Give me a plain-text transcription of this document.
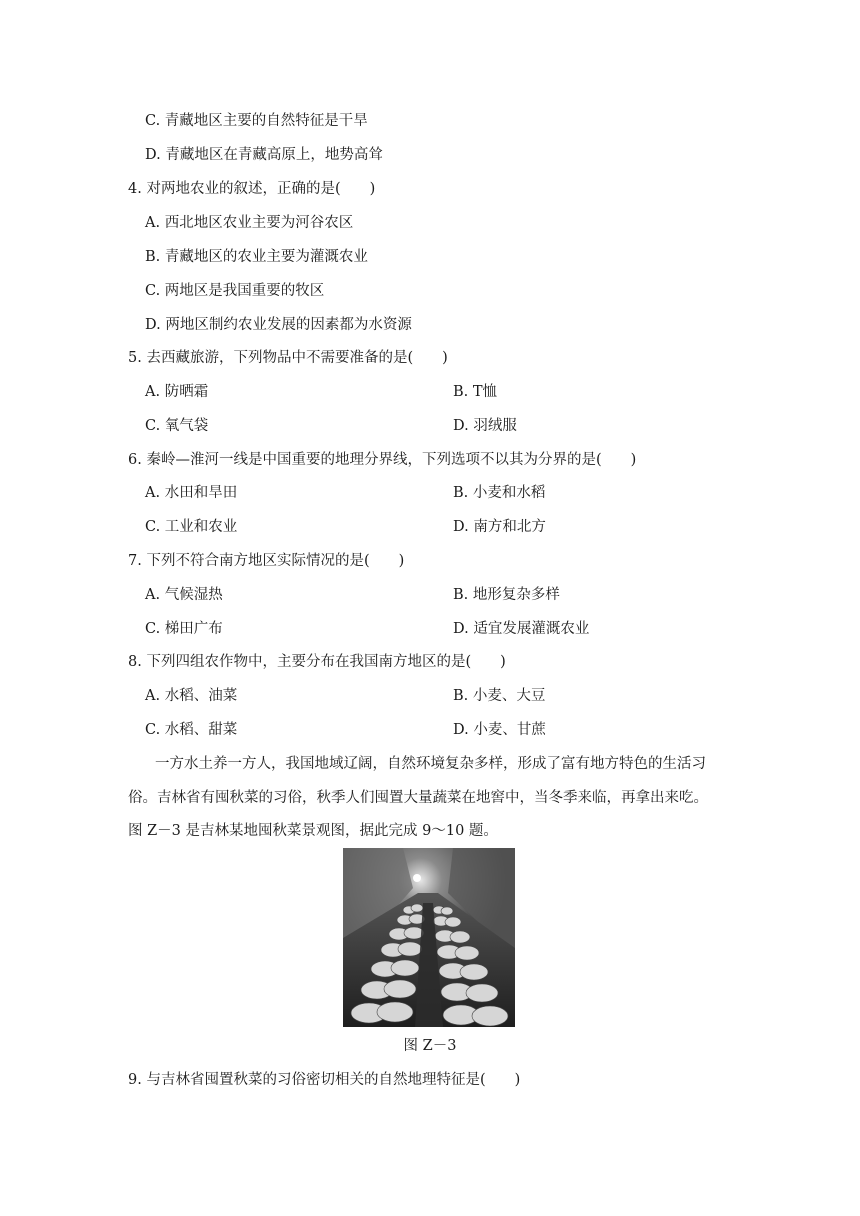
C. 青藏地区主要的自然特征是干旱
D. 青藏地区在青藏高原上，地势高耸
4. 对两地农业的叙述，正确的是(　　)
A. 西北地区农业主要为河谷农区
B. 青藏地区的农业主要为灌溉农业
C. 两地区是我国重要的牧区
D. 两地区制约农业发展的因素都为水资源
5. 去西藏旅游，下列物品中不需要准备的是(　　)
A. 防晒霜	B. T恤
C. 氧气袋	D. 羽绒服
6. 秦岭—淮河一线是中国重要的地理分界线，下列选项不以其为分界的是(　　)
A. 水田和旱田	B. 小麦和水稻
C. 工业和农业	D. 南方和北方
7. 下列不符合南方地区实际情况的是(　　)
A. 气候湿热	B. 地形复杂多样
C. 梯田广布	D. 适宜发展灌溉农业
8. 下列四组农作物中，主要分布在我国南方地区的是(　　)
A. 水稻、油菜	B. 小麦、大豆
C. 水稻、甜菜	D. 小麦、甘蔗
一方水土养一方人，我国地域辽阔，自然环境复杂多样，形成了富有地方特色的生活习
俗。吉林省有囤秋菜的习俗，秋季人们囤置大量蔬菜在地窖中，当冬季来临，再拿出来吃。
图 Z－3 是吉林某地囤秋菜景观图，据此完成 9～10 题。
图 Z－3
9. 与吉林省囤置秋菜的习俗密切相关的自然地理特征是(　　)
